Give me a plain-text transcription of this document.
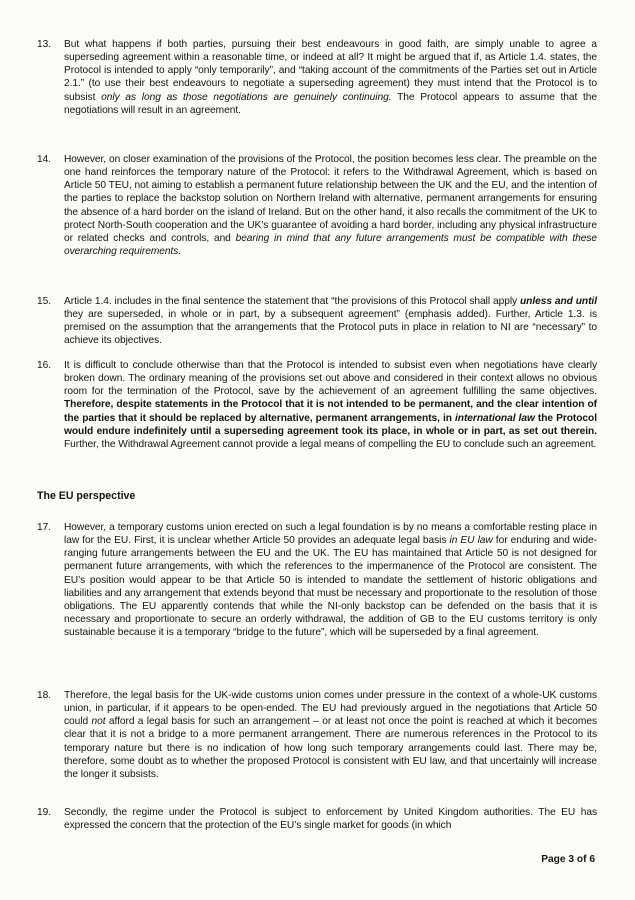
13. But what happens if both parties, pursuing their best endeavours in good faith, are simply unable to agree a superseding agreement within a reasonable time, or indeed at all? It might be argued that if, as Article 1.4. states, the Protocol is intended to apply “only temporarily”, and “taking account of the commitments of the Parties set out in Article 2.1.” (to use their best endeavours to negotiate a superseding agreement) they must intend that the Protocol is to subsist only as long as those negotiations are genuinely continuing. The Protocol appears to assume that the negotiations will result in an agreement.
14. However, on closer examination of the provisions of the Protocol, the position becomes less clear. The preamble on the one hand reinforces the temporary nature of the Protocol: it refers to the Withdrawal Agreement, which is based on Article 50 TEU, not aiming to establish a permanent future relationship between the UK and the EU, and the intention of the parties to replace the backstop solution on Northern Ireland with alternative, permanent arrangements for ensuring the absence of a hard border on the island of Ireland. But on the other hand, it also recalls the commitment of the UK to protect North-South cooperation and the UK’s guarantee of avoiding a hard border, including any physical infrastructure or related checks and controls, and bearing in mind that any future arrangements must be compatible with these overarching requirements.
15. Article 1.4. includes in the final sentence the statement that “the provisions of this Protocol shall apply unless and until they are superseded, in whole or in part, by a subsequent agreement” (emphasis added). Further, Article 1.3. is premised on the assumption that the arrangements that the Protocol puts in place in relation to NI are “necessary” to achieve its objectives.
16. It is difficult to conclude otherwise than that the Protocol is intended to subsist even when negotiations have clearly broken down. The ordinary meaning of the provisions set out above and considered in their context allows no obvious room for the termination of the Protocol, save by the achievement of an agreement fulfilling the same objectives. Therefore, despite statements in the Protocol that it is not intended to be permanent, and the clear intention of the parties that it should be replaced by alternative, permanent arrangements, in international law the Protocol would endure indefinitely until a superseding agreement took its place, in whole or in part, as set out therein. Further, the Withdrawal Agreement cannot provide a legal means of compelling the EU to conclude such an agreement.
The EU perspective
17. However, a temporary customs union erected on such a legal foundation is by no means a comfortable resting place in law for the EU. First, it is unclear whether Article 50 provides an adequate legal basis in EU law for enduring and wide-ranging future arrangements between the EU and the UK. The EU has maintained that Article 50 is not designed for permanent future arrangements, with which the references to the impermanence of the Protocol are consistent. The EU’s position would appear to be that Article 50 is intended to mandate the settlement of historic obligations and liabilities and any arrangement that extends beyond that must be necessary and proportionate to the resolution of those obligations. The EU apparently contends that while the NI-only backstop can be defended on the basis that it is necessary and proportionate to secure an orderly withdrawal, the addition of GB to the EU customs territory is only sustainable because it is a temporary “bridge to the future”, which will be superseded by a final agreement.
18. Therefore, the legal basis for the UK-wide customs union comes under pressure in the context of a whole-UK customs union, in particular, if it appears to be open-ended. The EU had previously argued in the negotiations that Article 50 could not afford a legal basis for such an arrangement – or at least not once the point is reached at which it becomes clear that it is not a bridge to a more permanent arrangement. There are numerous references in the Protocol to its temporary nature but there is no indication of how long such temporary arrangements could last. There may be, therefore, some doubt as to whether the proposed Protocol is consistent with EU law, and that uncertainly will increase the longer it subsists.
19. Secondly, the regime under the Protocol is subject to enforcement by United Kingdom authorities. The EU has expressed the concern that the protection of the EU’s single market for goods (in which
Page 3 of 6
